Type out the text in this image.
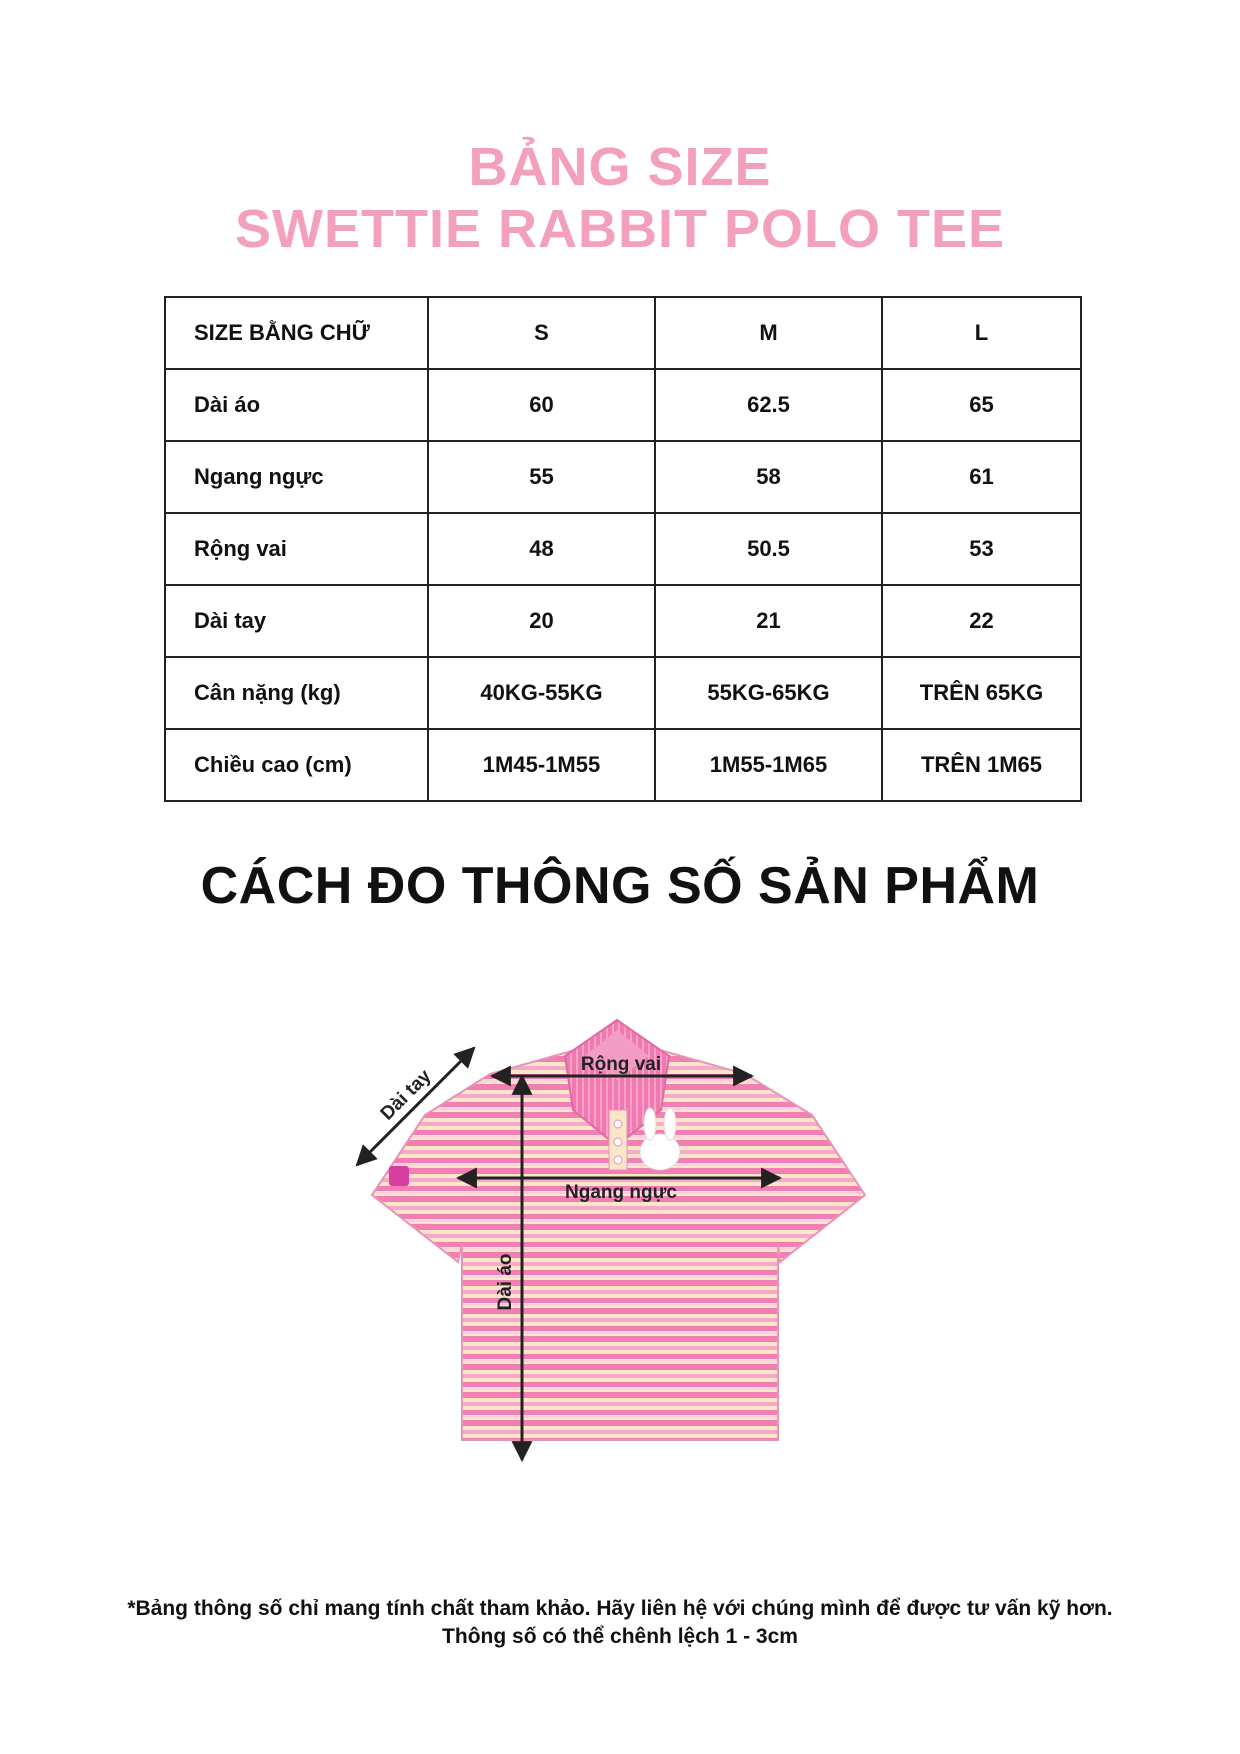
BẢNG SIZE
SWETTIE RABBIT POLO TEE
SIZE BẰNG CHỮ	S	M	L
Dài áo	60	62.5	65
Ngang ngực	55	58	61
Rộng vai	48	50.5	53
Dài tay	20	21	22
Cân nặng (kg)	40KG-55KG	55KG-65KG	TRÊN 65KG
Chiều cao (cm)	1M45-1M55	1M55-1M65	TRÊN 1M65
CÁCH ĐO THÔNG SỐ SẢN PHẨM
Rộng vai
Ngang ngực
Dài áo
Dài tay
*Bảng thông số chỉ mang tính chất tham khảo. Hãy liên hệ với chúng mình để được tư vấn kỹ hơn.
Thông số có thể chênh lệch 1 - 3cm
